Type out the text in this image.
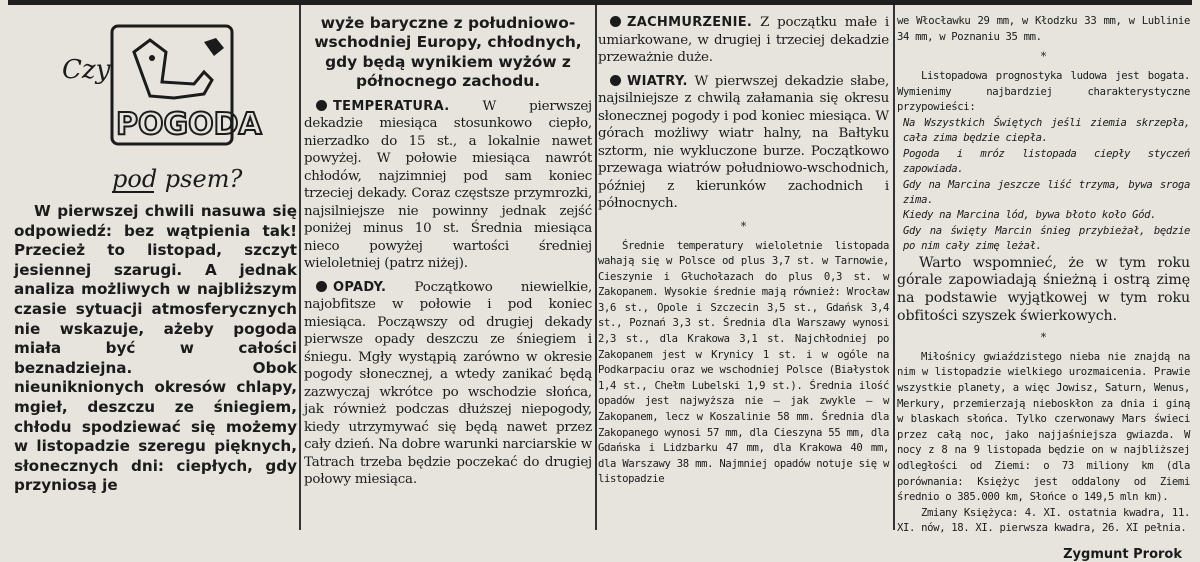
Czy
POGODA
pod psem?

W pierwszej chwili nasuwa się odpowiedź: bez wątpienia tak! Przecież to listopad, szczyt jesiennej szarugi. A jednak analiza możliwych w najbliższym czasie sytuacji atmosferycznych nie wskazuje, ażeby pogoda miała być w całości beznadziejna. Obok nieuniknionych okresów chlapy, mgieł, deszczu ze śniegiem, chłodu spodziewać się możemy w listopadzie szeregu pięknych, słonecznych dni: ciepłych, gdy przyniosą je

wyże baryczne z południowo-wschodniej Europy, chłodnych, gdy będą wynikiem wyżów z północnego zachodu.

TEMPERATURA. W pierwszej dekadzie miesiąca stosunkowo ciepło, nierzadko do 15 st., a lokalnie nawet powyżej. W połowie miesiąca nawrót chłodów, najzimniej pod sam koniec trzeciej dekady. Coraz częstsze przymrozki, najsilniejsze nie powinny jednak zejść poniżej minus 10 st. Średnia miesiąca nieco powyżej wartości średniej wieloletniej (patrz niżej).

OPADY. Początkowo niewielkie, najobfitsze w połowie i pod koniec miesiąca. Począwszy od drugiej dekady pierwsze opady deszczu ze śniegiem i śniegu. Mgły wystąpią zarówno w okresie pogody słonecznej, a wtedy zanikać będą zazwyczaj wkrótce po wschodzie słońca, jak również podczas dłuższej niepogody, kiedy utrzymywać się będą nawet przez cały dzień. Na dobre warunki narciarskie w Tatrach trzeba będzie poczekać do drugiej połowy miesiąca.

ZACHMURZENIE. Z początku małe i umiarkowane, w drugiej i trzeciej dekadzie przeważnie duże.

WIATRY. W pierwszej dekadzie słabe, najsilniejsze z chwilą załamania się okresu słonecznej pogody i pod koniec miesiąca. W górach możliwy wiatr halny, na Bałtyku sztorm, nie wykluczone burze. Początkowo przewaga wiatrów południowo-wschodnich, później z kierunków zachodnich i północnych.

*

Średnie temperatury wieloletnie listopada wahają się w Polsce od plus 3,7 st. w Tarnowie, Cieszynie i Głuchołazach do plus 0,3 st. w Zakopanem. Wysokie średnie mają również: Wrocław 3,6 st., Opole i Szczecin 3,5 st., Gdańsk 3,4 st., Poznań 3,3 st. Średnia dla Warszawy wynosi 2,3 st., dla Krakowa 3,1 st. Najchłodniej po Zakopanem jest w Krynicy 1 st. i w ogóle na Podkarpaciu oraz we wschodniej Polsce (Białystok 1,4 st., Chełm Lubelski 1,9 st.). Średnia ilość opadów jest najwyższa nie — jak zwykle — w Zakopanem, lecz w Koszalinie 58 mm. Średnia dla Zakopanego wynosi 57 mm, dla Cieszyna 55 mm, dla Gdańska i Lidzbarku 47 mm, dla Krakowa 40 mm, dla Warszawy 38 mm. Najmniej opadów notuje się w listopadzie

we Włocławku 29 mm, w Kłodzku 33 mm, w Lublinie 34 mm, w Poznaniu 35 mm.

*

Listopadowa prognostyka ludowa jest bogata. Wymienimy najbardziej charakterystyczne przypowieści:

Na Wszystkich Świętych jeśli ziemia skrzepła, cała zima będzie ciepła.

Pogoda i mróz listopada ciepły styczeń zapowiada.

Gdy na Marcina jeszcze liść trzyma, bywa sroga zima.

Kiedy na Marcina lód, bywa błoto koło Gód.

Gdy na święty Marcin śnieg przybieżał, będzie po nim cały zimę leżał.

Warto wspomnieć, że w tym roku górale zapowiadają śnieżną i ostrą zimę na podstawie wyjątkowej w tym roku obfitości szyszek świerkowych.

*

Miłośnicy gwiaździstego nieba nie znajdą na nim w listopadzie wielkiego urozmaicenia. Prawie wszystkie planety, a więc Jowisz, Saturn, Wenus, Merkury, przemierzają nieboskłon za dnia i giną w blaskach słońca. Tylko czerwonawy Mars świeci przez całą noc, jako najjaśniejsza gwiazda. W nocy z 8 na 9 listopada będzie on w najbliższej odległości od Ziemi: o 73 miliony km (dla porównania: Księżyc jest oddalony od Ziemi średnio o 385.000 km, Słońce o 149,5 mln km).

Zmiany Księżyca: 4. XI. ostatnia kwadra, 11. XI. nów, 18. XI. pierwsza kwadra, 26. XI pełnia.

Zygmunt Prorok
